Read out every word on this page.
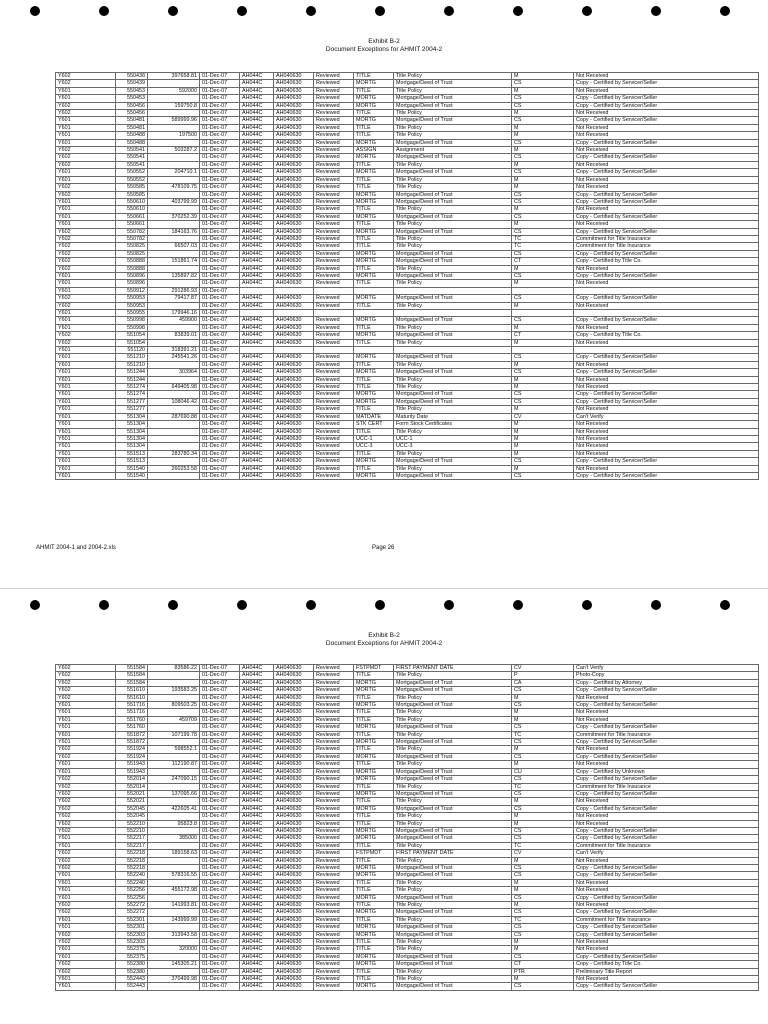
Exhibit B-2
Document Exceptions for AHMIT 2004-2
Y602	550438	397658.81	01-Dec-07	AH044C	AH040630	Reviewed	TITLE	Title Policy	M	Not Received
Y602	550439		01-Dec-07	AH044C	AH040630	Reviewed	MORTG	Mortgage/Deed of Trust	CS	Copy - Certified by Servicer/Seller
Y601	550453	592000	01-Dec-07	AH044C	AH040630	Reviewed	TITLE	Title Policy	M	Not Received
Y601	550453		01-Dec-07	AH044C	AH040630	Reviewed	MORTG	Mortgage/Deed of Trust	CS	Copy - Certified by Servicer/Seller
Y602	550456	159750.8	01-Dec-07	AH044C	AH040630	Reviewed	MORTG	Mortgage/Deed of Trust	CS	Copy - Certified by Servicer/Seller
Y602	550456		01-Dec-07	AH044C	AH040630	Reviewed	TITLE	Title Policy	M	Not Received
Y601	550481	589999.96	01-Dec-07	AH044C	AH040630	Reviewed	MORTG	Mortgage/Deed of Trust	CS	Copy - Certified by Servicer/Seller
Y601	550481		01-Dec-07	AH044C	AH040630	Reviewed	TITLE	Title Policy	M	Not Received
Y601	550488	197500	01-Dec-07	AH044C	AH040630	Reviewed	TITLE	Title Policy	M	Not Received
Y601	550488		01-Dec-07	AH044C	AH040630	Reviewed	MORTG	Mortgage/Deed of Trust	CS	Copy - Certified by Servicer/Seller
Y602	550541	503287.2	01-Dec-07	AH044C	AH040630	Reviewed	ASSIGN	Assignment	M	Not Received
Y602	550541		01-Dec-07	AH044C	AH040630	Reviewed	MORTG	Mortgage/Deed of Trust	CS	Copy - Certified by Servicer/Seller
Y602	550541		01-Dec-07	AH044C	AH040630	Reviewed	TITLE	Title Policy	M	Not Received
Y601	550552	204710.1	01-Dec-07	AH044C	AH040630	Reviewed	MORTG	Mortgage/Deed of Trust	CS	Copy - Certified by Servicer/Seller
Y601	550552		01-Dec-07	AH044C	AH040630	Reviewed	TITLE	Title Policy	M	Not Received
Y602	550585	478109.75	01-Dec-07	AH044C	AH040630	Reviewed	TITLE	Title Policy	M	Not Received
Y602	550585		01-Dec-07	AH044C	AH040630	Reviewed	MORTG	Mortgage/Deed of Trust	CS	Copy - Certified by Servicer/Seller
Y601	550610	403799.99	01-Dec-07	AH044C	AH040630	Reviewed	MORTG	Mortgage/Deed of Trust	CS	Copy - Certified by Servicer/Seller
Y601	550610		01-Dec-07	AH044C	AH040630	Reviewed	TITLE	Title Policy	M	Not Received
Y601	550661	370252.39	01-Dec-07	AH044C	AH040630	Reviewed	MORTG	Mortgage/Deed of Trust	CS	Copy - Certified by Servicer/Seller
Y601	550661		01-Dec-07	AH044C	AH040630	Reviewed	TITLE	Title Policy	M	Not Received
Y602	550782	184163.76	01-Dec-07	AH044C	AH040630	Reviewed	MORTG	Mortgage/Deed of Trust	CS	Copy - Certified by Servicer/Seller
Y602	550782		01-Dec-07	AH044C	AH040630	Reviewed	TITLE	Title Policy	TC	Commitment for Title Insurance
Y602	550825	66507.03	01-Dec-07	AH044C	AH040630	Reviewed	TITLE	Title Policy	TC	Commitment for Title Insurance
Y602	550825		01-Dec-07	AH044C	AH040630	Reviewed	MORTG	Mortgage/Deed of Trust	CS	Copy - Certified by Servicer/Seller
Y602	550888	151861.74	01-Dec-07	AH044C	AH040630	Reviewed	MORTG	Mortgage/Deed of Trust	CT	Copy - Certified by Title Co.
Y602	550888		01-Dec-07	AH044C	AH040630	Reviewed	TITLE	Title Policy	M	Not Received
Y601	550896	135897.82	01-Dec-07	AH044C	AH040630	Reviewed	MORTG	Mortgage/Deed of Trust	CS	Copy - Certified by Servicer/Seller
Y601	550896		01-Dec-07	AH044C	AH040630	Reviewed	TITLE	Title Policy	M	Not Received
Y601	550912	291286.93	01-Dec-07							
Y602	550953	79417.87	01-Dec-07	AH044C	AH040630	Reviewed	MORTG	Mortgage/Deed of Trust	CS	Copy - Certified by Servicer/Seller
Y602	550953		01-Dec-07	AH044C	AH040630	Reviewed	TITLE	Title Policy	M	Not Received
Y601	550955	179946.16	01-Dec-07							
Y601	550998	459900	01-Dec-07	AH044C	AH040630	Reviewed	MORTG	Mortgage/Deed of Trust	CS	Copy - Certified by Servicer/Seller
Y601	550998		01-Dec-07	AH044C	AH040630	Reviewed	TITLE	Title Policy	M	Not Received
Y602	551054	83839.01	01-Dec-07	AH044C	AH040630	Reviewed	MORTG	Mortgage/Deed of Trust	CT	Copy - Certified by Title Co.
Y602	551054		01-Dec-07	AH044C	AH040630	Reviewed	TITLE	Title Policy	M	Not Received
Y601	551120	318391.21	01-Dec-07							
Y601	551210	245541.26	01-Dec-07	AH044C	AH040630	Reviewed	MORTG	Mortgage/Deed of Trust	CS	Copy - Certified by Servicer/Seller
Y601	551210		01-Dec-07	AH044C	AH040630	Reviewed	TITLE	Title Policy	M	Not Received
Y601	551244	303964	01-Dec-07	AH044C	AH040630	Reviewed	MORTG	Mortgage/Deed of Trust	CS	Copy - Certified by Servicer/Seller
Y601	551244		01-Dec-07	AH044C	AH040630	Reviewed	TITLE	Title Policy	M	Not Received
Y601	551274	649405.98	01-Dec-07	AH044C	AH040630	Reviewed	TITLE	Title Policy	M	Not Received
Y601	551274		01-Dec-07	AH044C	AH040630	Reviewed	MORTG	Mortgage/Deed of Trust	CS	Copy - Certified by Servicer/Seller
Y601	551277	108046.42	01-Dec-07	AH044C	AH040630	Reviewed	MORTG	Mortgage/Deed of Trust	CS	Copy - Certified by Servicer/Seller
Y601	551277		01-Dec-07	AH044C	AH040630	Reviewed	TITLE	Title Policy	M	Not Received
Y601	551304	287690.88	01-Dec-07	AH044C	AH040630	Reviewed	MATDATE	Maturity Date	CV	Can't Verify
Y601	551304		01-Dec-07	AH044C	AH040630	Reviewed	STK CERT	Form Stock Certificates	M	Not Received
Y601	551304		01-Dec-07	AH044C	AH040630	Reviewed	TITLE	Title Policy	M	Not Received
Y601	551304		01-Dec-07	AH044C	AH040630	Reviewed	UCC-1	UCC-1	M	Not Received
Y601	551304		01-Dec-07	AH044C	AH040630	Reviewed	UCC-3	UCC-3	M	Not Received
Y601	551513	283780.34	01-Dec-07	AH044C	AH040630	Reviewed	TITLE	Title Policy	M	Not Received
Y601	551513		01-Dec-07	AH044C	AH040630	Reviewed	MORTG	Mortgage/Deed of Trust	CS	Copy - Certified by Servicer/Seller
Y601	551540	260253.58	01-Dec-07	AH044C	AH040630	Reviewed	TITLE	Title Policy	M	Not Received
Y601	551540		01-Dec-07	AH044C	AH040630	Reviewed	MORTG	Mortgage/Deed of Trust	CS	Copy - Certified by Servicer/Seller
AHMIT 2004-1 and 2004-2.xls	Page 26
Exhibit B-2
Document Exceptions for AHMIT 2004-2
Y602	551584	83586.22	01-Dec-07	AH044C	AH040630	Reviewed	FSTPMDT	FIRST PAYMENT DATE	CV	Can't Verify
Y602	551584		01-Dec-07	AH044C	AH040630	Reviewed	TITLE	Title Policy	P	Photo-Copy
Y602	551584		01-Dec-07	AH044C	AH040630	Reviewed	MORTG	Mortgage/Deed of Trust	CA	Copy - Certified by Attorney
Y602	551610	193583.25	01-Dec-07	AH044C	AH040630	Reviewed	MORTG	Mortgage/Deed of Trust	CS	Copy - Certified by Servicer/Seller
Y602	551610		01-Dec-07	AH044C	AH040630	Reviewed	TITLE	Title Policy	M	Not Received
Y601	551716	809503.25	01-Dec-07	AH044C	AH040630	Reviewed	MORTG	Mortgage/Deed of Trust	CS	Copy - Certified by Servicer/Seller
Y601	551716		01-Dec-07	AH044C	AH040630	Reviewed	TITLE	Title Policy	M	Not Received
Y601	551760	459709	01-Dec-07	AH044C	AH040630	Reviewed	TITLE	Title Policy	M	Not Received
Y601	551760		01-Dec-07	AH044C	AH040630	Reviewed	MORTG	Mortgage/Deed of Trust	CS	Copy - Certified by Servicer/Seller
Y601	551872	107199.78	01-Dec-07	AH044C	AH040630	Reviewed	TITLE	Title Policy	TC	Commitment for Title Insurance
Y601	551872		01-Dec-07	AH044C	AH040630	Reviewed	MORTG	Mortgage/Deed of Trust	CS	Copy - Certified by Servicer/Seller
Y602	551924	598552.1	01-Dec-07	AH044C	AH040630	Reviewed	TITLE	Title Policy	M	Not Received
Y602	551924		01-Dec-07	AH044C	AH040630	Reviewed	MORTG	Mortgage/Deed of Trust	CS	Copy - Certified by Servicer/Seller
Y601	551943	112190.87	01-Dec-07	AH044C	AH040630	Reviewed	TITLE	Title Policy	M	Not Received
Y601	551943		01-Dec-07	AH044C	AH040630	Reviewed	MORTG	Mortgage/Deed of Trust	CU	Copy - Certified by Unknown
Y602	552014	247090.15	01-Dec-07	AH044C	AH040630	Reviewed	MORTG	Mortgage/Deed of Trust	CS	Copy - Certified by Servicer/Seller
Y602	552014		01-Dec-07	AH044C	AH040630	Reviewed	TITLE	Title Policy	TC	Commitment for Title Insurance
Y602	552021	137095.66	01-Dec-07	AH044C	AH040630	Reviewed	MORTG	Mortgage/Deed of Trust	CS	Copy - Certified by Servicer/Seller
Y602	552021		01-Dec-07	AH044C	AH040630	Reviewed	TITLE	Title Policy	M	Not Received
Y602	552045	422605.41	01-Dec-07	AH044C	AH040630	Reviewed	MORTG	Mortgage/Deed of Trust	CS	Copy - Certified by Servicer/Seller
Y602	552045		01-Dec-07	AH044C	AH040630	Reviewed	TITLE	Title Policy	M	Not Received
Y602	552210	95823.8	01-Dec-07	AH044C	AH040630	Reviewed	TITLE	Title Policy	M	Not Received
Y602	552210		01-Dec-07	AH044C	AH040630	Reviewed	MORTG	Mortgage/Deed of Trust	CS	Copy - Certified by Servicer/Seller
Y601	552217	385000	01-Dec-07	AH044C	AH040630	Reviewed	MORTG	Mortgage/Deed of Trust	CS	Copy - Certified by Servicer/Seller
Y601	552217		01-Dec-07	AH044C	AH040630	Reviewed	TITLE	Title Policy	TC	Commitment for Title Insurance
Y602	552218	189158.63	01-Dec-07	AH044C	AH040630	Reviewed	FSTPMDT	FIRST PAYMENT DATE	CV	Can't Verify
Y602	552218		01-Dec-07	AH044C	AH040630	Reviewed	TITLE	Title Policy	M	Not Received
Y602	552218		01-Dec-07	AH044C	AH040630	Reviewed	MORTG	Mortgage/Deed of Trust	CS	Copy - Certified by Servicer/Seller
Y601	552240	578316.55	01-Dec-07	AH044C	AH040630	Reviewed	MORTG	Mortgage/Deed of Trust	CS	Copy - Certified by Servicer/Seller
Y601	552240		01-Dec-07	AH044C	AH040630	Reviewed	TITLE	Title Policy	M	Not Received
Y601	552256	455172.98	01-Dec-07	AH044C	AH040630	Reviewed	TITLE	Title Policy	M	Not Received
Y601	552256		01-Dec-07	AH044C	AH040630	Reviewed	MORTG	Mortgage/Deed of Trust	CS	Copy - Certified by Servicer/Seller
Y602	552272	141993.81	01-Dec-07	AH044C	AH040630	Reviewed	TITLE	Title Policy	M	Not Received
Y602	552272		01-Dec-07	AH044C	AH040630	Reviewed	MORTG	Mortgage/Deed of Trust	CS	Copy - Certified by Servicer/Seller
Y601	552301	143999.99	01-Dec-07	AH044C	AH040630	Reviewed	TITLE	Title Policy	TC	Commitment for Title Insurance
Y601	552301		01-Dec-07	AH044C	AH040630	Reviewed	MORTG	Mortgage/Deed of Trust	CS	Copy - Certified by Servicer/Seller
Y602	552303	313943.58	01-Dec-07	AH044C	AH040630	Reviewed	MORTG	Mortgage/Deed of Trust	CS	Copy - Certified by Servicer/Seller
Y602	552303		01-Dec-07	AH044C	AH040630	Reviewed	TITLE	Title Policy	M	Not Received
Y601	552375	320000	01-Dec-07	AH044C	AH040630	Reviewed	TITLE	Title Policy	M	Not Received
Y601	552375		01-Dec-07	AH044C	AH040630	Reviewed	MORTG	Mortgage/Deed of Trust	CS	Copy - Certified by Servicer/Seller
Y602	552380	145305.21	01-Dec-07	AH044C	AH040630	Reviewed	MORTG	Mortgage/Deed of Trust	CT	Copy - Certified by Title Co.
Y602	552380		01-Dec-07	AH044C	AH040630	Reviewed	TITLE	Title Policy	PTR	Preliminary Title Report
Y601	552443	370499.98	01-Dec-07	AH044C	AH040630	Reviewed	TITLE	Title Policy	M	Not Received
Y601	552443		01-Dec-07	AH044C	AH040630	Reviewed	MORTG	Mortgage/Deed of Trust	CS	Copy - Certified by Servicer/Seller
